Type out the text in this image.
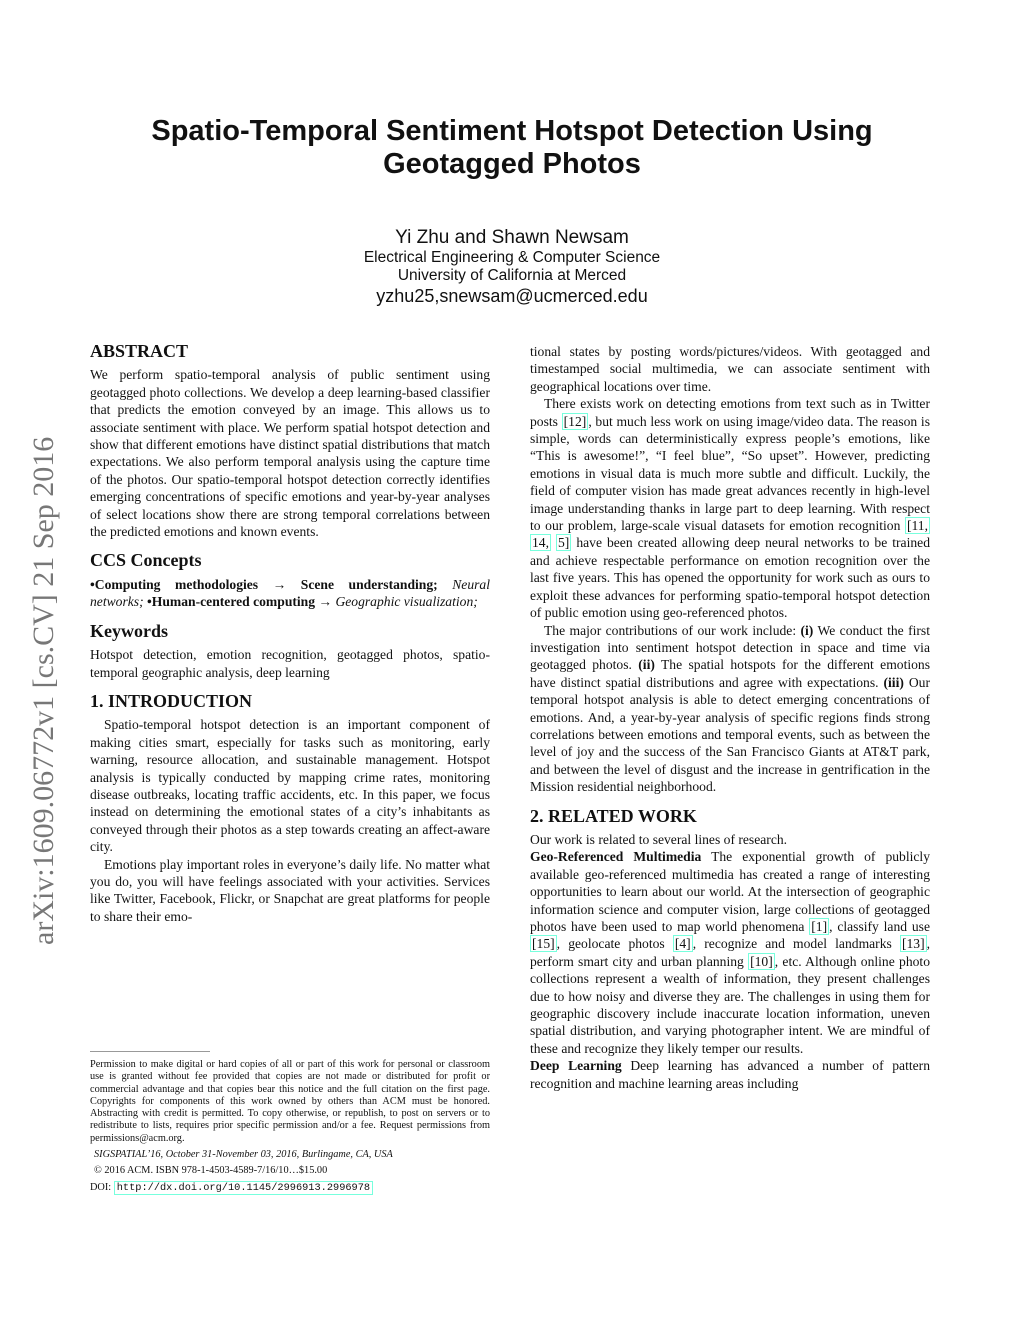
Spatio-Temporal Sentiment Hotspot Detection Using
Geotagged Photos
Yi Zhu and Shawn Newsam
Electrical Engineering & Computer Science
University of California at Merced
yzhu25,snewsam@ucmerced.edu
arXiv:1609.06772v1 [cs.CV] 21 Sep 2016
ABSTRACT

We perform spatio-temporal analysis of public sentiment using geotagged photo collections. We develop a deep learning-based classifier that predicts the emotion conveyed by an image. This allows us to associate sentiment with place. We perform spatial hotspot detection and show that different emotions have distinct spatial distributions that match expectations. We also perform temporal analysis using the capture time of the photos. Our spatio-temporal hotspot detection correctly identifies emerging concentrations of specific emotions and year-by-year analyses of select locations show there are strong temporal correlations between the predicted emotions and known events.

CCS Concepts

•Computing methodologies → Scene understanding; Neural networks; •Human-centered computing → Geographic visualization;

Keywords

Hotspot detection, emotion recognition, geotagged photos, spatio-temporal geographic analysis, deep learning

1. INTRODUCTION

Spatio-temporal hotspot detection is an important component of making cities smart, especially for tasks such as monitoring, early warning, resource allocation, and sustainable management. Hotspot analysis is typically conducted by mapping crime rates, monitoring disease outbreaks, locating traffic accidents, etc. In this paper, we focus instead on determining the emotional states of a city’s inhabitants as conveyed through their photos as a step towards creating an affect-aware city.

Emotions play important roles in everyone’s daily life. No matter what you do, you will have feelings associated with your activities. Services like Twitter, Facebook, Flickr, or Snapchat are great platforms for people to share their emo-

Permission to make digital or hard copies of all or part of this work for personal or classroom use is granted without fee provided that copies are not made or distributed for profit or commercial advantage and that copies bear this notice and the full citation on the first page. Copyrights for components of this work owned by others than ACM must be honored. Abstracting with credit is permitted. To copy otherwise, or republish, to post on servers or to redistribute to lists, requires prior specific permission and/or a fee. Request permissions from permissions@acm.org.
SIGSPATIAL’16, October 31-November 03, 2016, Burlingame, CA, USA
© 2016 ACM. ISBN 978-1-4503-4589-7/16/10…$15.00
DOI: http://dx.doi.org/10.1145/2996913.2996978

tional states by posting words/pictures/videos. With geotagged and timestamped social multimedia, we can associate sentiment with geographical locations over time.

There exists work on detecting emotions from text such as in Twitter posts [12] , but much less work on using image/video data. The reason is simple, words can deterministically express people’s emotions, like “This is awesome!”, “I feel blue”, “So upset”. However, predicting emotions in visual data is much more subtle and difficult. Luckily, the field of computer vision has made great advances recently in high-level image understanding thanks in large part to deep learning. With respect to our problem, large-scale visual datasets for emotion recognition [11, 14, 5] have been created allowing deep neural networks to be trained and achieve respectable performance on emotion recognition over the last five years. This has opened the opportunity for work such as ours to exploit these advances for performing spatio-temporal hotspot detection of public emotion using geo-referenced photos.

The major contributions of our work include: (i) We conduct the first investigation into sentiment hotspot detection in space and time via geotagged photos. (ii) The spatial hotspots for the different emotions have distinct spatial distributions and agree with expectations. (iii) Our temporal hotspot analysis is able to detect emerging concentrations of emotions. And, a year-by-year analysis of specific regions finds strong correlations between emotions and temporal events, such as between the level of joy and the success of the San Francisco Giants at AT&T park, and between the level of disgust and the increase in gentrification in the Mission residential neighborhood.

2. RELATED WORK

Our work is related to several lines of research.

Geo-Referenced Multimedia The exponential growth of publicly available geo-referenced multimedia has created a range of interesting opportunities to learn about our world. At the intersection of geographic information science and computer vision, large collections of geotagged photos have been used to map world phenomena [1] , classify land use [15] , geolocate photos [4] , recognize and model landmarks [13] , perform smart city and urban planning [10] , etc. Although online photo collections represent a wealth of information, they present challenges due to how noisy and diverse they are. The challenges in using them for geographic discovery include inaccurate location information, uneven spatial distribution, and varying photographer intent. We are mindful of these and recognize they likely temper our results.

Deep Learning Deep learning has advanced a number of pattern recognition and machine learning areas including
